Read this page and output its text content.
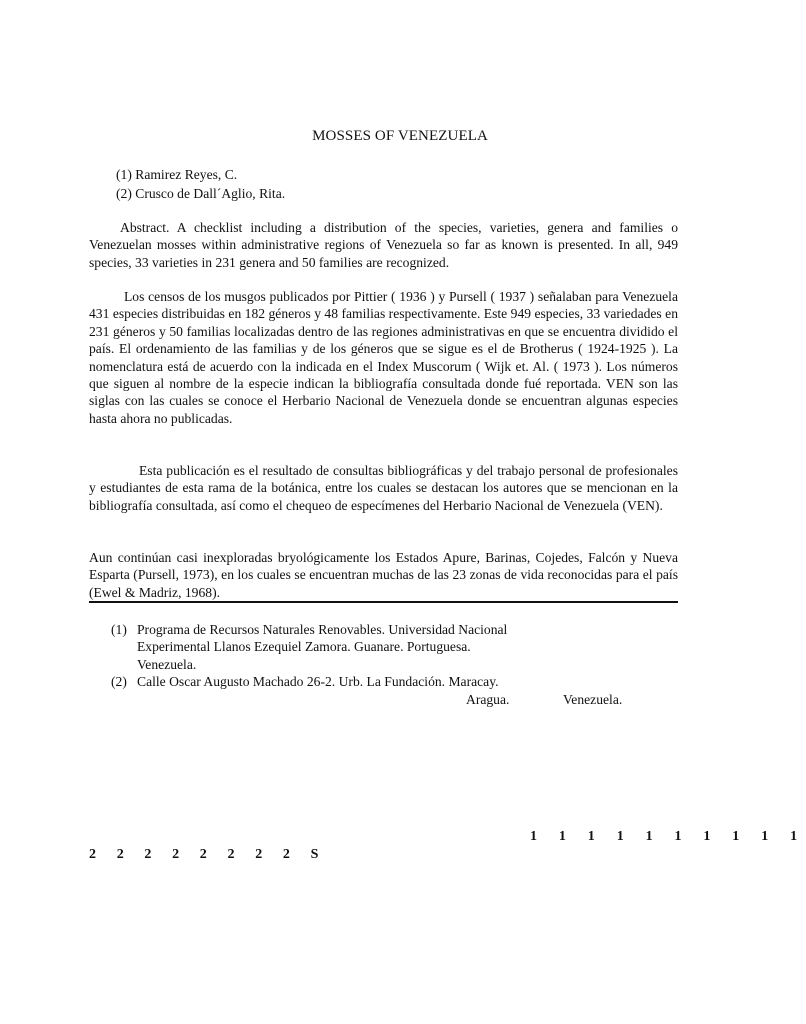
MOSSES OF VENEZUELA
(1) Ramirez Reyes, C.
(2) Crusco de Dall´Aglio, Rita.
Abstract. A checklist including a distribution of the species, varieties, genera and families o Venezuelan mosses within administrative regions of Venezuela so far as known is presented. In all, 949 species, 33 varieties in 231 genera and 50 families are recognized.
Los censos de los musgos publicados por Pittier ( 1936 ) y Pursell ( 1937 ) señalaban para Venezuela 431 especies distribuidas en 182 géneros y 48 familias respectivamente. Este 949 especies, 33 variedades en 231 géneros y 50 familias localizadas dentro de las regiones administrativas en que se encuentra dividido el país. El ordenamiento de las familias y de los géneros que se sigue es el de Brotherus ( 1924-1925 ). La nomenclatura está de acuerdo con la indicada en el Index Muscorum ( Wijk et. Al. ( 1973 ). Los números que siguen al nombre de la especie indican la bibliografía consultada donde fué reportada. VEN son las siglas con las cuales se conoce el Herbario Nacional de Venezuela donde se encuentran algunas especies hasta ahora no publicadas.
Esta publicación es el resultado de consultas bibliográficas y del trabajo personal de profesionales y estudiantes de esta rama de la botánica, entre los cuales se destacan los autores que se mencionan en la bibliografía consultada, así como el chequeo de especímenes del Herbario Nacional de Venezuela (VEN).
Aun continúan casi inexploradas bryológicamente los Estados Apure, Barinas, Cojedes, Falcón y Nueva Esparta (Pursell, 1973), en los cuales se encuentran muchas de las 23 zonas de vida reconocidas para el país (Ewel & Madriz, 1968).
(1) Programa de Recursos Naturales Renovables. Universidad Nacional
Experimental Llanos Ezequiel Zamora. Guanare. Portuguesa.
Venezuela.
(2) Calle Oscar Augusto Machado 26-2. Urb. La Fundación. Maracay.
Aragua.	Venezuela.
1 1 1 1 1 1 1 1 1 1
2 2 2 2 2 2 2 2 S
